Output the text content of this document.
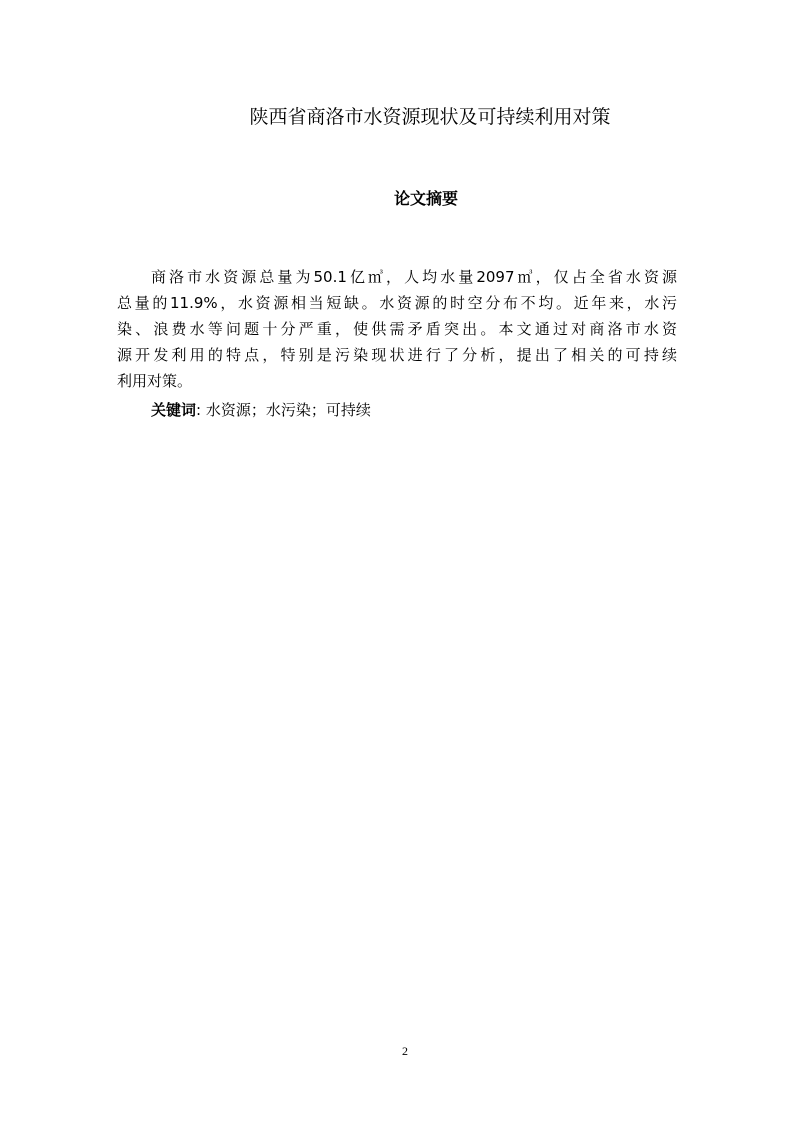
陕西省商洛市水资源现状及可持续利用对策
论文摘要
商洛市水资源总量为50.1亿㎥，人均水量2097㎥，仅占全省水资源
总量的11.9%，水资源相当短缺。水资源的时空分布不均。近年来，水污
染、浪费水等问题十分严重，使供需矛盾突出。本文通过对商洛市水资
源开发利用的特点，特别是污染现状进行了分析，提出了相关的可持续
利用对策。
关键词: 水资源；水污染；可持续
2
